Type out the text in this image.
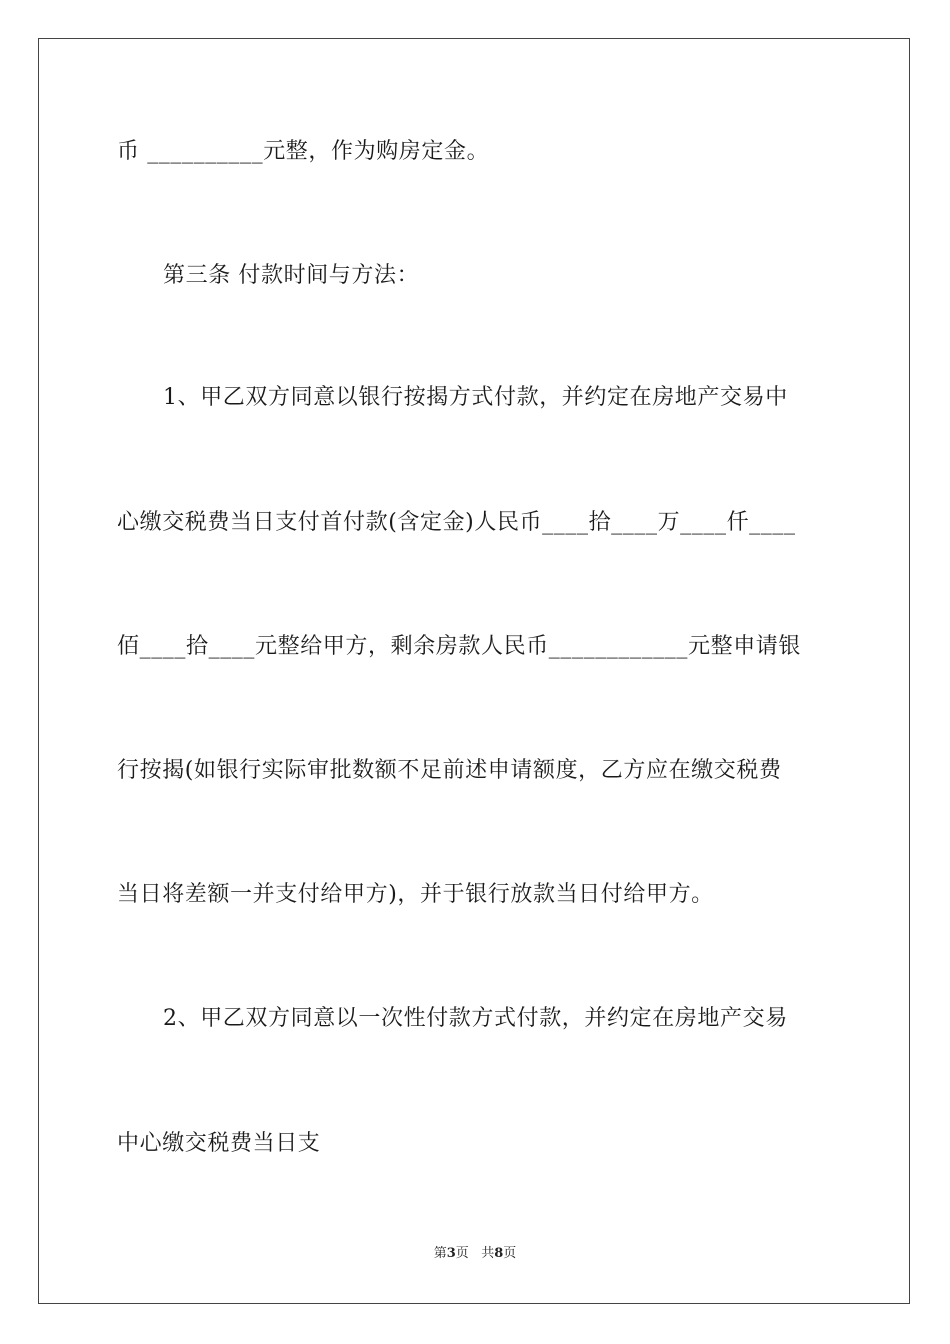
币 __________元整，作为购房定金。
第三条 付款时间与方法：
1、甲乙双方同意以银行按揭方式付款，并约定在房地产交易中
心缴交税费当日支付首付款(含定金)人民币____拾____万____仟____
佰____拾____元整给甲方，剩余房款人民币____________元整申请银
行按揭(如银行实际审批数额不足前述申请额度，乙方应在缴交税费
当日将差额一并支付给甲方)，并于银行放款当日付给甲方。
2、甲乙双方同意以一次性付款方式付款，并约定在房地产交易
中心缴交税费当日支
第3页 共8页
